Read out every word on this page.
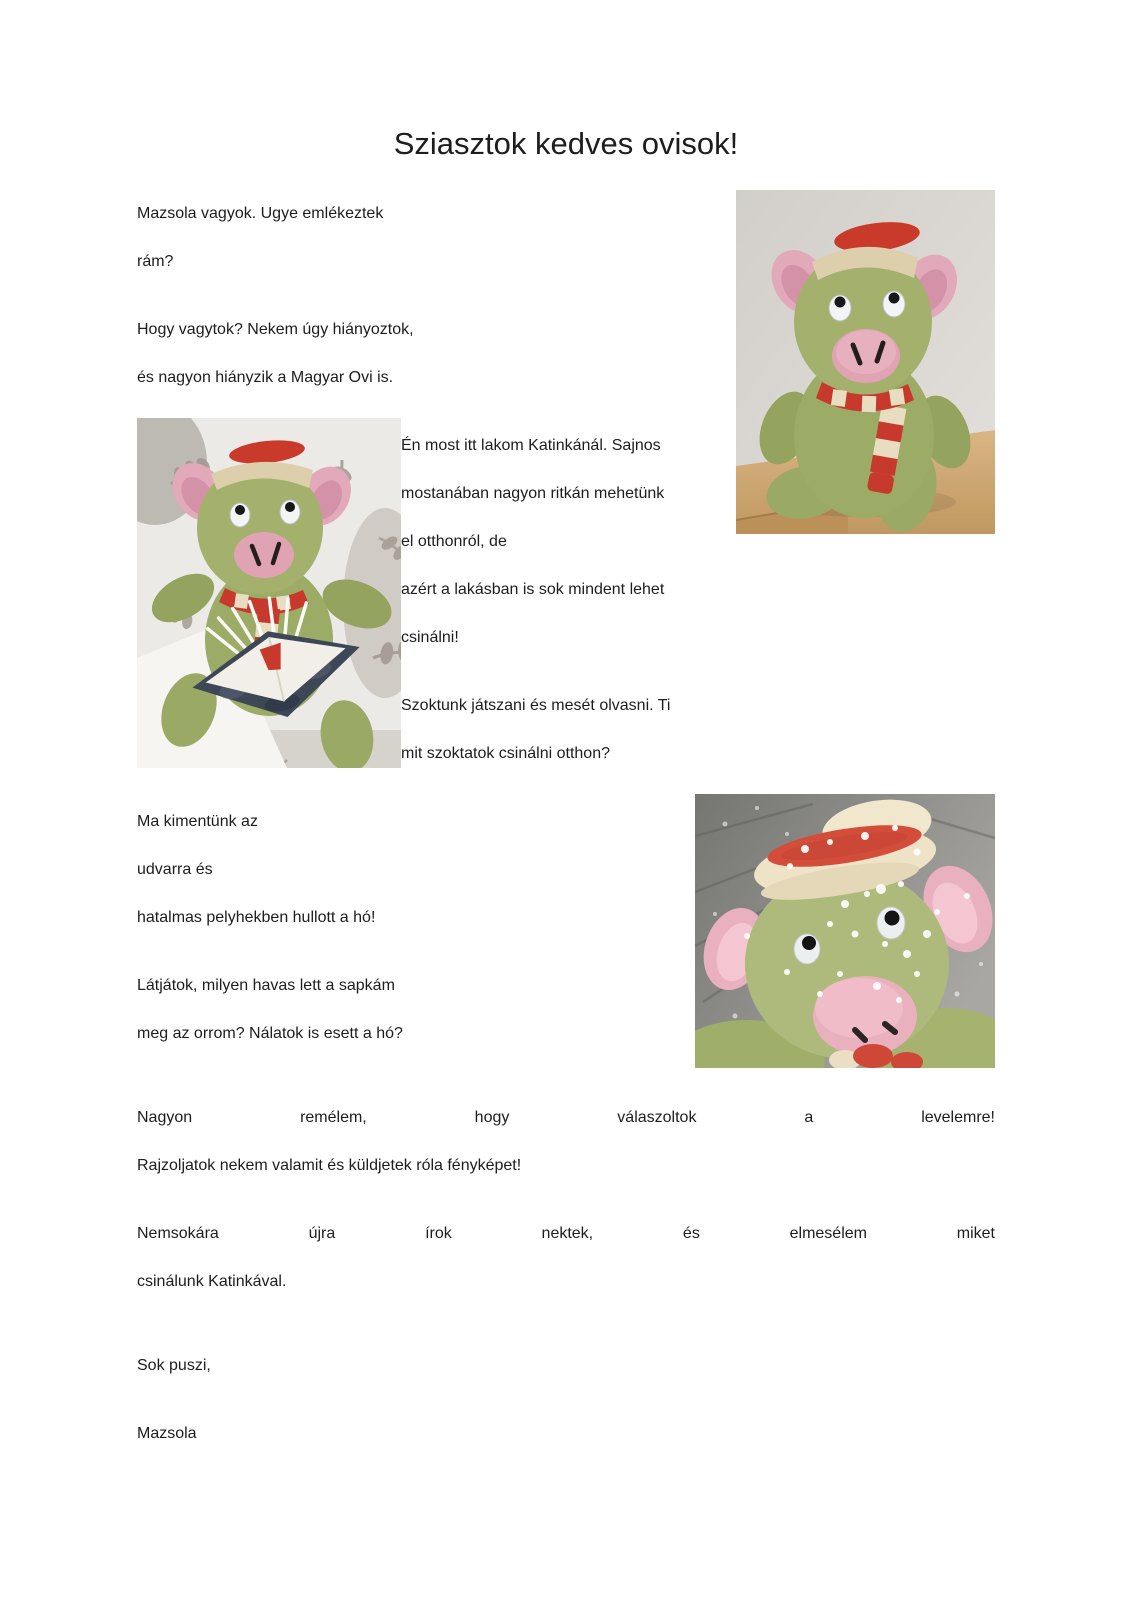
Sziasztok kedves ovisok!

Mazsola vagyok. Ugye emlékeztek
rám?

Hogy vagytok? Nekem úgy hiányoztok,
és nagyon hiányzik a Magyar Ovi is.

Én most itt lakom Katinkánál. Sajnos
mostanában nagyon ritkán mehetünk
el otthonról, de
azért a lakásban is sok mindent lehet
csinálni!

Szoktunk játszani és mesét olvasni. Ti
mit szoktatok csinálni otthon?

Ma kimentünk az
udvarra és
hatalmas pelyhekben hullott a hó!

Látjátok, milyen havas lett a sapkám
meg az orrom? Nálatok is esett a hó?

Nagyon remélem, hogy válaszoltok a levelemre!
Rajzoljatok nekem valamit és küldjetek róla fényképet!

Nemsokára újra írok nektek, és elmesélem miket
csinálunk Katinkával.

Sok puszi,

Mazsola
